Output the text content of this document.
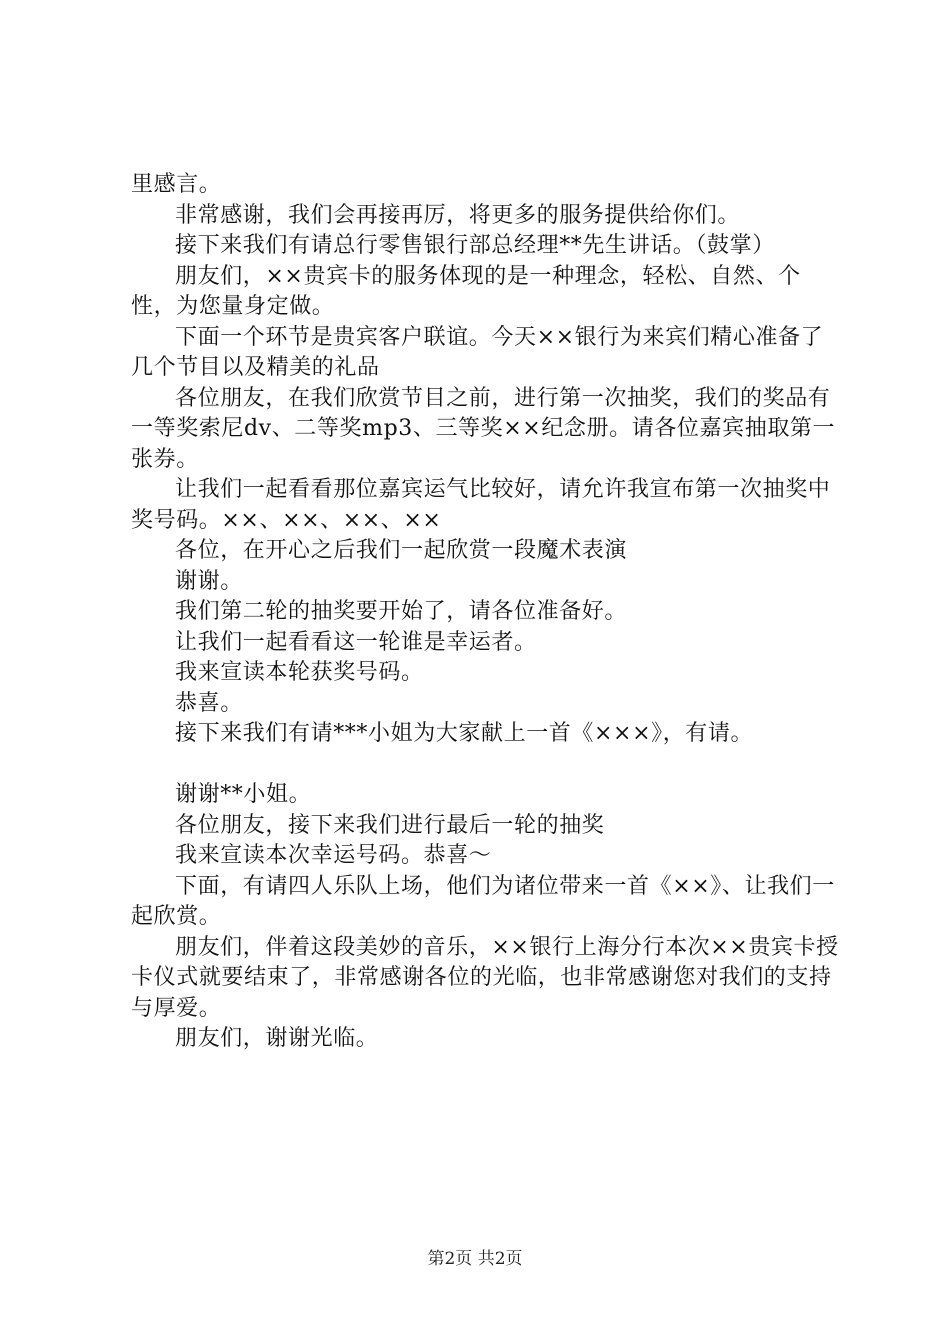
里感言。

非常感谢，我们会再接再厉，将更多的服务提供给你们。

接下来我们有请总行零售银行部总经理**先生讲话。（鼓掌）

朋友们，××贵宾卡的服务体现的是一种理念，轻松、自然、个性，为您量身定做。

下面一个环节是贵宾客户联谊。今天××银行为来宾们精心准备了几个节目以及精美的礼品

各位朋友，在我们欣赏节目之前，进行第一次抽奖，我们的奖品有一等奖索尼dv、二等奖mp3、三等奖××纪念册。请各位嘉宾抽取第一张券。

让我们一起看看那位嘉宾运气比较好，请允许我宣布第一次抽奖中奖号码。××、××、××、××

各位，在开心之后我们一起欣赏一段魔术表演

谢谢。

我们第二轮的抽奖要开始了，请各位准备好。

让我们一起看看这一轮谁是幸运者。

我来宣读本轮获奖号码。

恭喜。

接下来我们有请***小姐为大家献上一首《×××》，有请。

谢谢**小姐。

各位朋友，接下来我们进行最后一轮的抽奖

我来宣读本次幸运号码。恭喜～

下面，有请四人乐队上场，他们为诸位带来一首《××》、让我们一起欣赏。

朋友们，伴着这段美妙的音乐，××银行上海分行本次××贵宾卡授卡仪式就要结束了，非常感谢各位的光临，也非常感谢您对我们的支持与厚爱。

朋友们，谢谢光临。

第2页 共2页
